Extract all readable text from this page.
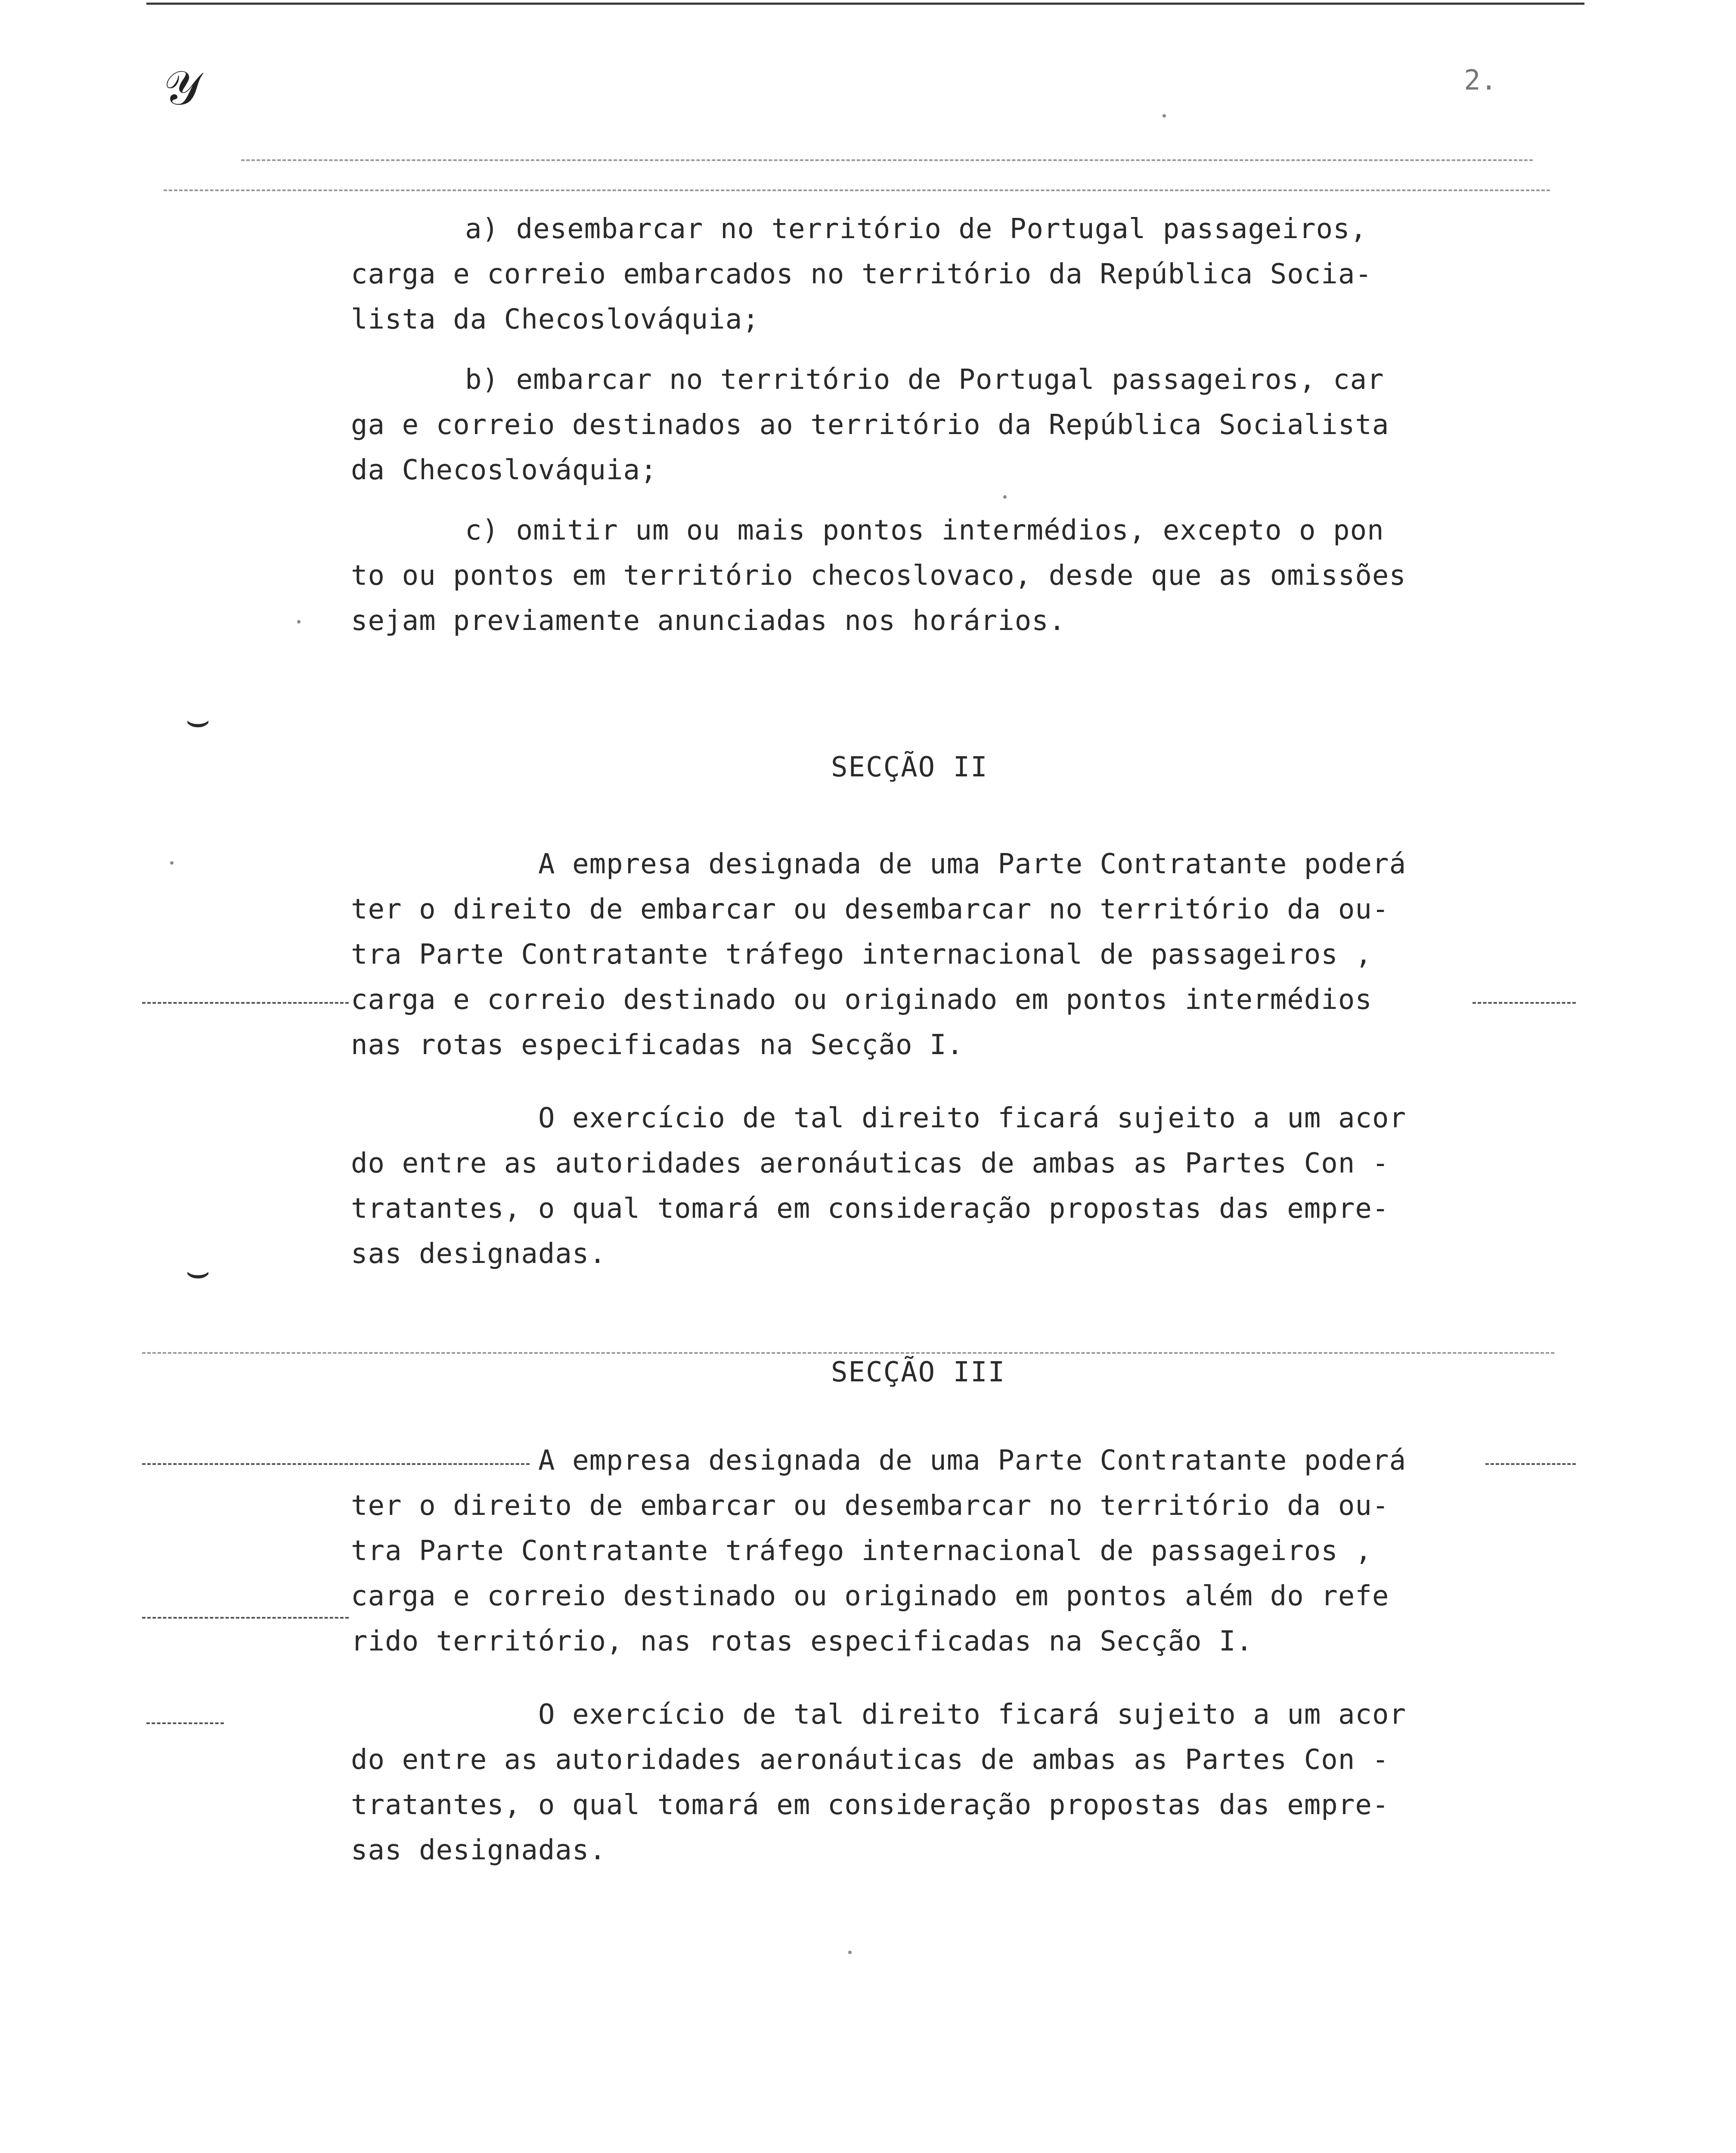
𝒴	2.
a) desembarcar no território de Portugal passageiros,
carga e correio embarcados no território da República Socia-
lista da Checoslováquia;
b) embarcar no território de Portugal passageiros, car
ga e correio destinados ao território da República Socialista
da Checoslováquia;
c) omitir um ou mais pontos intermédios, excepto o pon
to ou pontos em território checoslovaco, desde que as omissões
sejam previamente anunciadas nos horários.
⌣
SECÇÃO II
A empresa designada de uma Parte Contratante poderá
ter o direito de embarcar ou desembarcar no território da ou-
tra Parte Contratante tráfego internacional de passageiros ,
carga e correio destinado ou originado em pontos intermédios
nas rotas especificadas na Secção I.
O exercício de tal direito ficará sujeito a um acor
do entre as autoridades aeronáuticas de ambas as Partes Con -
tratantes, o qual tomará em consideração propostas das empre-
sas designadas.
⌣
SECÇÃO III
A empresa designada de uma Parte Contratante poderá
ter o direito de embarcar ou desembarcar no território da ou-
tra Parte Contratante tráfego internacional de passageiros ,
carga e correio destinado ou originado em pontos além do refe
rido território, nas rotas especificadas na Secção I.
O exercício de tal direito ficará sujeito a um acor
do entre as autoridades aeronáuticas de ambas as Partes Con -
tratantes, o qual tomará em consideração propostas das empre-
sas designadas.
